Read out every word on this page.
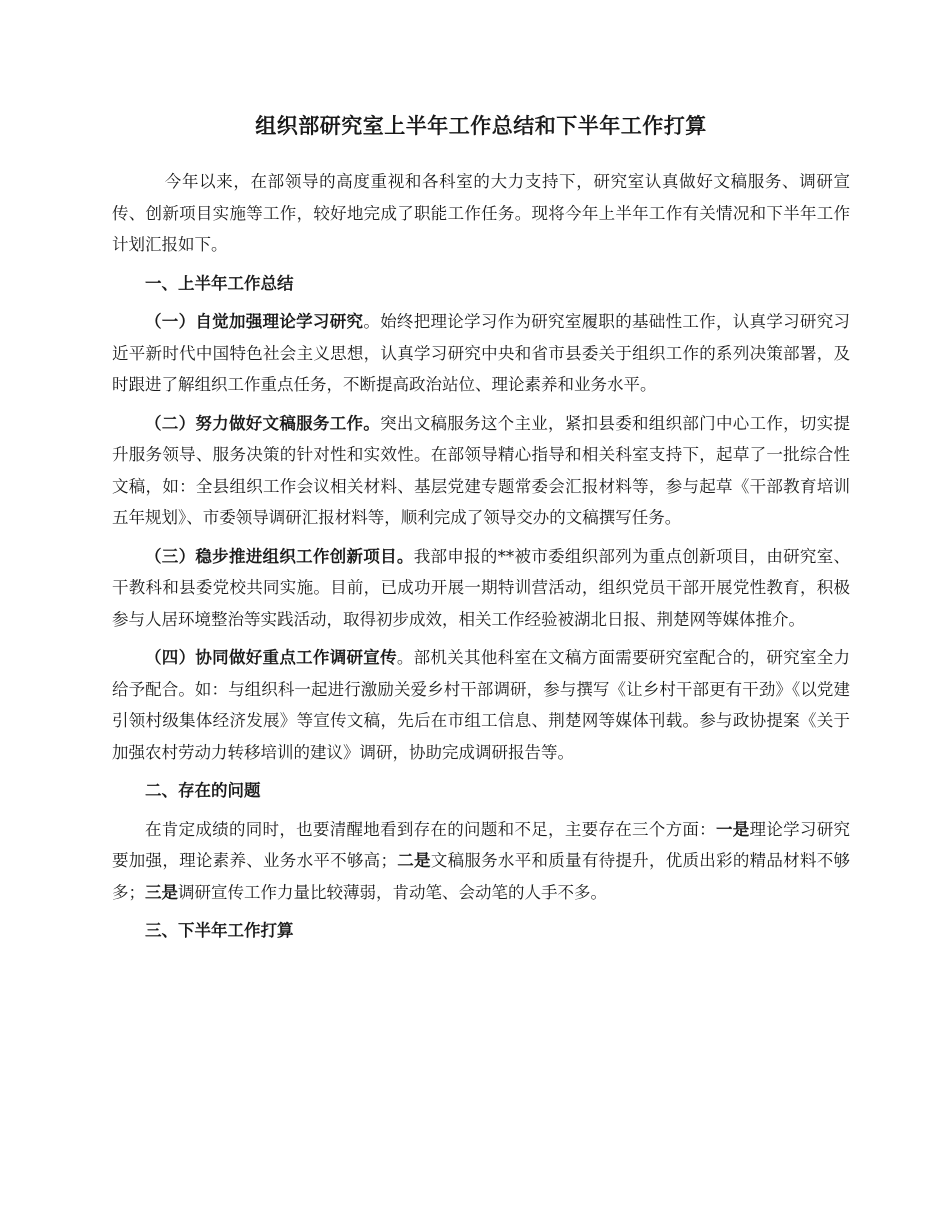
组织部研究室上半年工作总结和下半年工作打算

今年以来，在部领导的高度重视和各科室的大力支持下，研究室认真做好文稿服务、调研宣传、创新项目实施等工作，较好地完成了职能工作任务。现将今年上半年工作有关情况和下半年工作计划汇报如下。

一、上半年工作总结

（一）自觉加强理论学习研究。始终把理论学习作为研究室履职的基础性工作，认真学习研究习近平新时代中国特色社会主义思想，认真学习研究中央和省市县委关于组织工作的系列决策部署，及时跟进了解组织工作重点任务，不断提高政治站位、理论素养和业务水平。

（二）努力做好文稿服务工作。突出文稿服务这个主业，紧扣县委和组织部门中心工作，切实提升服务领导、服务决策的针对性和实效性。在部领导精心指导和相关科室支持下，起草了一批综合性文稿，如：全县组织工作会议相关材料、基层党建专题常委会汇报材料等，参与起草《干部教育培训五年规划》、市委领导调研汇报材料等，顺利完成了领导交办的文稿撰写任务。

（三）稳步推进组织工作创新项目。我部申报的**被市委组织部列为重点创新项目，由研究室、干教科和县委党校共同实施。目前，已成功开展一期特训营活动，组织党员干部开展党性教育，积极参与人居环境整治等实践活动，取得初步成效，相关工作经验被湖北日报、荆楚网等媒体推介。

（四）协同做好重点工作调研宣传。部机关其他科室在文稿方面需要研究室配合的，研究室全力给予配合。如：与组织科一起进行激励关爱乡村干部调研，参与撰写《让乡村干部更有干劲》《以党建引领村级集体经济发展》等宣传文稿，先后在市组工信息、荆楚网等媒体刊载。参与政协提案《关于加强农村劳动力转移培训的建议》调研，协助完成调研报告等。

二、存在的问题

在肯定成绩的同时，也要清醒地看到存在的问题和不足，主要存在三个方面：一是理论学习研究要加强，理论素养、业务水平不够高；二是文稿服务水平和质量有待提升，优质出彩的精品材料不够多；三是调研宣传工作力量比较薄弱，肯动笔、会动笔的人手不多。

三、下半年工作打算
